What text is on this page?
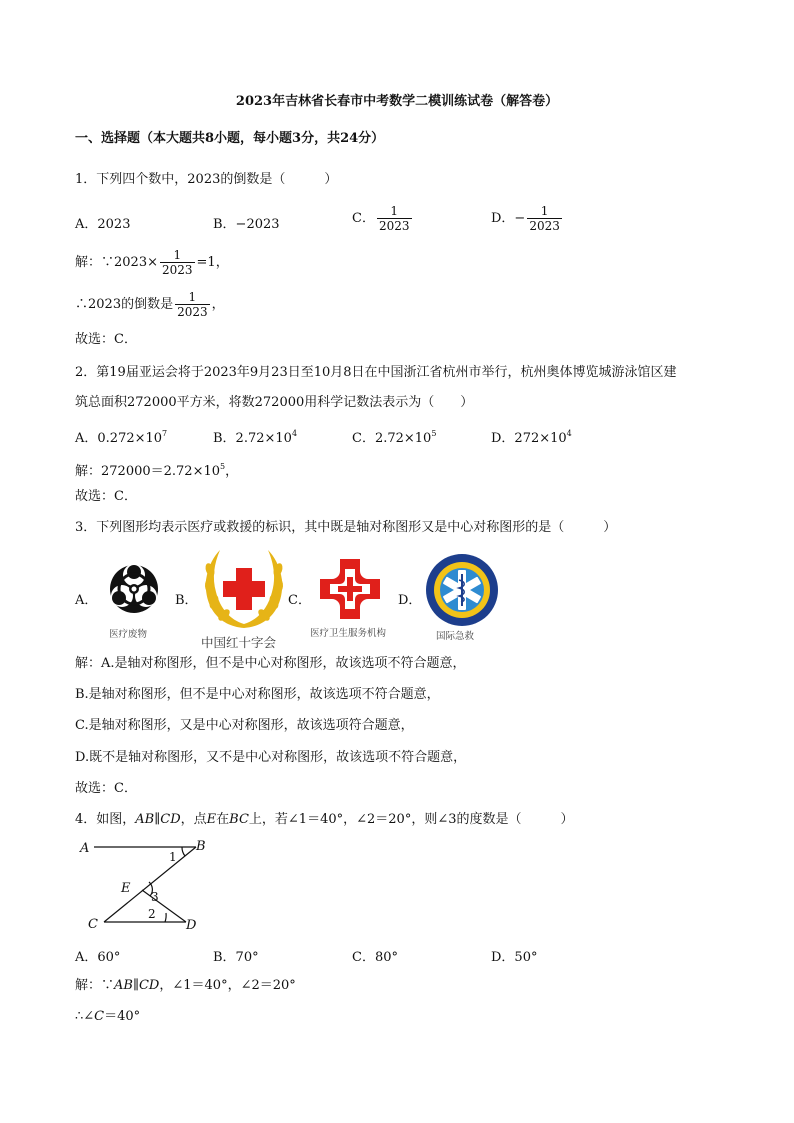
2023年吉林省长春市中考数学二模训练试卷（解答卷）
一、选择题（本大题共8小题，每小题3分，共24分）
1．下列四个数中，2023的倒数是（　　　）
A．2023	B．−2023	C． $\frac{1}{2023}$	D．− $\frac{1}{2023}$
解：∵2023× $\frac{1}{2023} =1$，
∴2023的倒数是 $\frac{1}{2023}$ ，
故选：C．
2．第19届亚运会将于2023年9月23日至10月8日在中国浙江省杭州市举行，杭州奥体博览城游泳馆区建
筑总面积272000平方米，将数272000用科学记数法表示为（　　）
A．$0.272\times 10^7$	B．$2.72\times 10^4$	C．$2.72\times 10^5$	D．$272\times 10^4$
解：$272000=2.72\times 10^5$，
故选：C．
3．下列图形均表示医疗或救援的标识，其中既是轴对称图形又是中心对称图形的是（　　　）
A．	B．	C．	D．
医疗废物
中国红十字会
医疗卫生服务机构	国际急救
解：A.是轴对称图形，但不是中心对称图形，故该选项不符合题意，
B.是轴对称图形，但不是中心对称图形，故该选项不符合题意，
C.是轴对称图形，又是中心对称图形，故该选项符合题意，
D.既不是轴对称图形，又不是中心对称图形，故该选项不符合题意，
故选：C．
4．如图，AB∥CD，点E在BC上，若∠1＝40°，∠2＝20°，则∠3的度数是（　　　）
A	B
E
C	D
1
3
2
A．60°	B．70°	C．80°	D．50°
解：∵AB∥CD，∠1＝40°，∠2＝20°
∴∠C＝40°
